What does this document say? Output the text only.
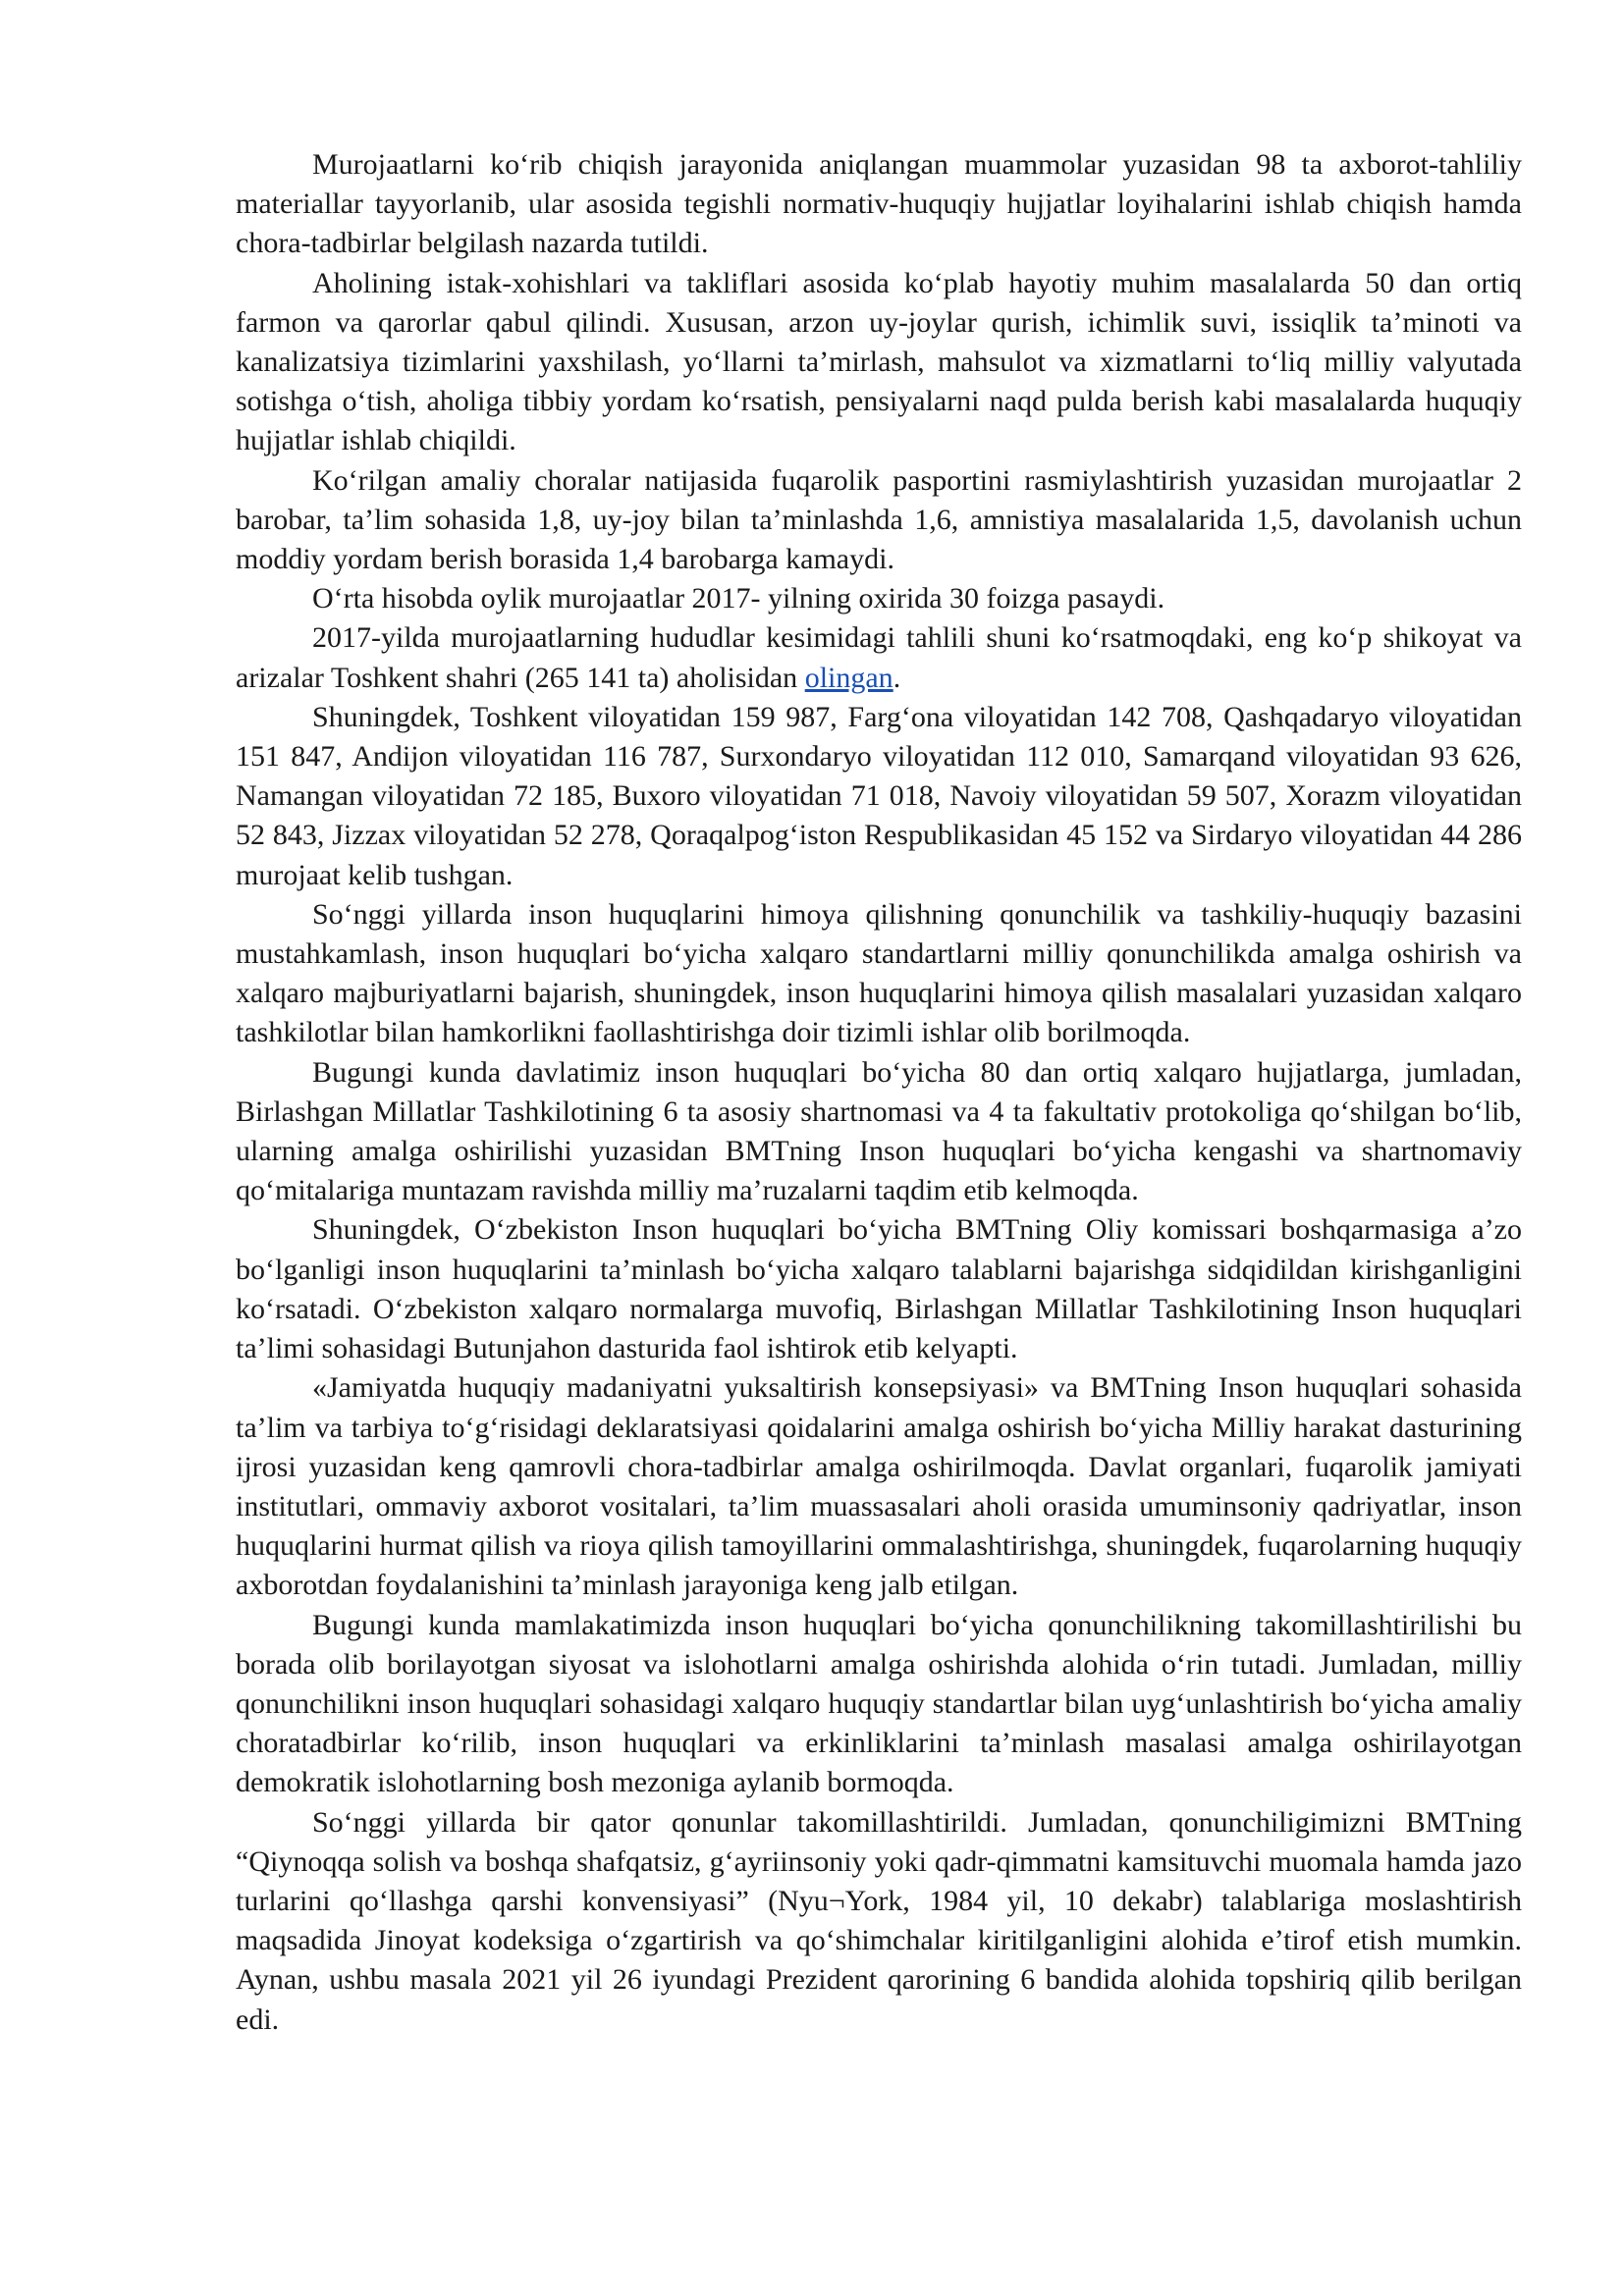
Murojaatlarni ko‘rib chiqish jarayonida aniqlangan muammolar yuzasidan 98 ta axborot-tahliliy materiallar tayyorlanib, ular asosida tegishli normativ-huquqiy hujjatlar loyihalarini ishlab chiqish hamda chora-tadbirlar belgilash nazarda tutildi.

Aholining istak-xohishlari va takliflari asosida ko‘plab hayotiy muhim masalalarda 50 dan ortiq farmon va qarorlar qabul qilindi. Xususan, arzon uy-joylar qurish, ichimlik suvi, issiqlik ta’minoti va kanalizatsiya tizimlarini yaxshilash, yo‘llarni ta’mirlash, mahsulot va xizmatlarni to‘liq milliy valyutada sotishga o‘tish, aholiga tibbiy yordam ko‘rsatish, pensiyalarni naqd pulda berish kabi masalalarda huquqiy hujjatlar ishlab chiqildi.

Ko‘rilgan amaliy choralar natijasida fuqarolik pasportini rasmiylashtirish yuzasidan murojaatlar 2 barobar, ta’lim sohasida 1,8, uy-joy bilan ta’minlashda 1,6, amnistiya masalalarida 1,5, davolanish uchun moddiy yordam berish borasida 1,4 barobarga kamaydi.

O‘rta hisobda oylik murojaatlar 2017- yilning oxirida 30 foizga pasaydi.

2017-yilda murojaatlarning hududlar kesimidagi tahlili shuni ko‘rsatmoqdaki, eng ko‘p shikoyat va arizalar Toshkent shahri (265 141 ta) aholisidan olingan.

Shuningdek, Toshkent viloyatidan 159 987, Farg‘ona viloyatidan 142 708, Qashqadaryo viloyatidan 151 847, Andijon viloyatidan 116 787, Surxondaryo viloyatidan 112 010, Samarqand viloyatidan 93 626, Namangan viloyatidan 72 185, Buxoro viloyatidan 71 018, Navoiy viloyatidan 59 507, Xorazm viloyatidan 52 843, Jizzax viloyatidan 52 278, Qoraqalpog‘iston Respublikasidan 45 152 va Sirdaryo viloyatidan 44 286 murojaat kelib tushgan.

So‘nggi yillarda inson huquqlarini himoya qilishning qonunchilik va tashkiliy-huquqiy bazasini mustahkamlash, inson huquqlari bo‘yicha xalqaro standartlarni milliy qonunchilikda amalga oshirish va xalqaro majburiyatlarni bajarish, shuningdek, inson huquqlarini himoya qilish masalalari yuzasidan xalqaro tashkilotlar bilan hamkorlikni faollashtirishga doir tizimli ishlar olib borilmoqda.

Bugungi kunda davlatimiz inson huquqlari bo‘yicha 80 dan ortiq xalqaro hujjatlarga, jumladan, Birlashgan Millatlar Tashkilotining 6 ta asosiy shartnomasi va 4 ta fakultativ protokoliga qo‘shilgan bo‘lib, ularning amalga oshirilishi yuzasidan BMTning Inson huquqlari bo‘yicha kengashi va shartnomaviy qo‘mitalariga muntazam ravishda milliy ma’ruzalarni taqdim etib kelmoqda.

Shuningdek, O‘zbekiston Inson huquqlari bo‘yicha BMTning Oliy komissari boshqarmasiga a’zo bo‘lganligi inson huquqlarini ta’minlash bo‘yicha xalqaro talablarni bajarishga sidqidildan kirishganligini ko‘rsatadi. O‘zbekiston xalqaro normalarga muvofiq, Birlashgan Millatlar Tashkilotining Inson huquqlari ta’limi sohasidagi Butunjahon dasturida faol ishtirok etib kelyapti.

«Jamiyatda huquqiy madaniyatni yuksaltirish konsepsiyasi» va BMTning Inson huquqlari sohasida ta’lim va tarbiya to‘g‘risidagi deklaratsiyasi qoidalarini amalga oshirish bo‘yicha Milliy harakat dasturining ijrosi yuzasidan keng qamrovli chora-tadbirlar amalga oshirilmoqda. Davlat organlari, fuqarolik jamiyati institutlari, ommaviy axborot vositalari, ta’lim muassasalari aholi orasida umuminsoniy qadriyatlar, inson huquqlarini hurmat qilish va rioya qilish tamoyillarini ommalashtirishga, shuningdek, fuqarolarning huquqiy axborotdan foydalanishini ta’minlash jarayoniga keng jalb etilgan.

Bugungi kunda mamlakatimizda inson huquqlari bo‘yicha qonunchilikning takomillashtirilishi bu borada olib borilayotgan siyosat va islohotlarni amalga oshirishda alohida o‘rin tutadi. Jumladan, milliy qonunchilikni inson huquqlari sohasidagi xalqaro huquqiy standartlar bilan uyg‘unlashtirish bo‘yicha amaliy choratadbirlar ko‘rilib, inson huquqlari va erkinliklarini ta’minlash masalasi amalga oshirilayotgan demokratik islohotlarning bosh mezoniga aylanib bormoqda.

So‘nggi yillarda bir qator qonunlar takomillashtirildi. Jumladan, qonunchiligimizni BMTning “Qiynoqqa solish va boshqa shafqatsiz, g‘ayriinsoniy yoki qadr-qimmatni kamsituvchi muomala hamda jazo turlarini qo‘llashga qarshi konvensiyasi” (Nyu¬York, 1984 yil, 10 dekabr) talablariga moslashtirish maqsadida Jinoyat kodeksiga o‘zgartirish va qo‘shimchalar kiritilganligini alohida e’tirof etish mumkin. Aynan, ushbu masala 2021 yil 26 iyundagi Prezident qarorining 6 bandida alohida topshiriq qilib berilgan edi.
